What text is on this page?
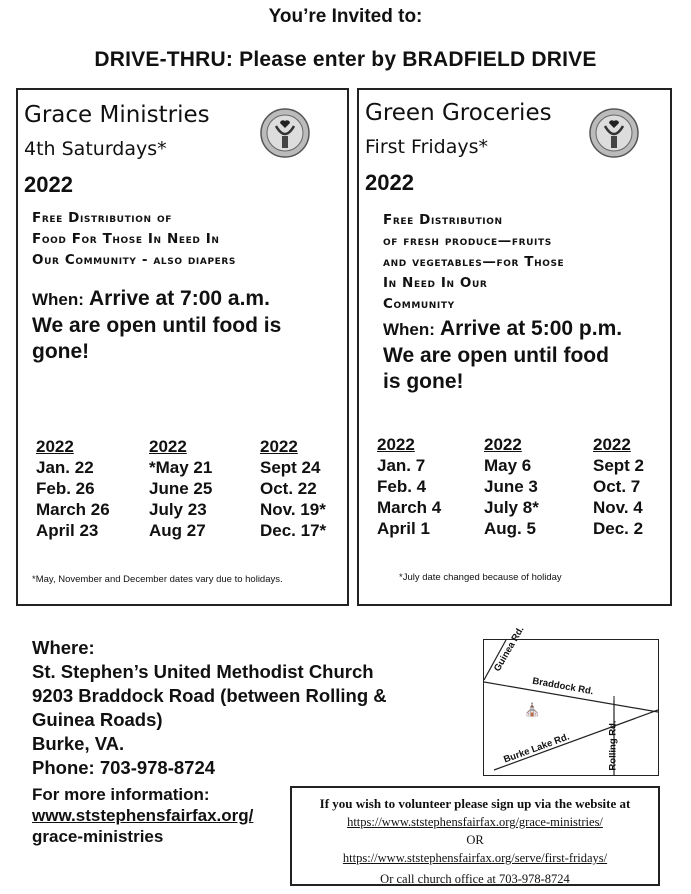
You’re Invited to:
DRIVE-THRU: Please enter by BRADFIELD DRIVE
Grace Ministries
4th Saturdays*
2022
Free Distribution of
Food For Those In Need In
Our Community - also diapers
When: Arrive at 7:00 a.m.
We are open until food is
gone!
2022
Jan. 22
Feb. 26
March 26
April 23
2022
*May 21
June 25
July 23
Aug 27
2022
Sept 24
Oct. 22
Nov. 19*
Dec. 17*
*May, November and December dates vary due to holidays.
Green Groceries
First Fridays*
2022
Free Distribution
of fresh produce—fruits
and vegetables—for Those
In Need In Our
Community
When: Arrive at 5:00 p.m.
We are open until food
is gone!
2022
Jan. 7
Feb. 4
March 4
April 1
2022
May 6
June 3
July 8*
Aug. 5
2022
Sept 2
Oct. 7
Nov. 4
Dec. 2
*July date changed because of holiday
Where:
St. Stephen’s United Methodist Church
9203 Braddock Road (between Rolling &
Guinea Roads)
Burke, VA.
Phone: 703-978-8724
⛪
Guinea Rd.
Braddock Rd.
Burke Lake Rd.	Rolling Rd.
For more information:
www.ststephensfairfax.org/
grace-ministries
If you wish to volunteer please sign up via the website at
https://www.ststephensfairfax.org/grace-ministries/
OR
https://www.ststephensfairfax.org/serve/first-fridays/
Or call church office at 703-978-8724
